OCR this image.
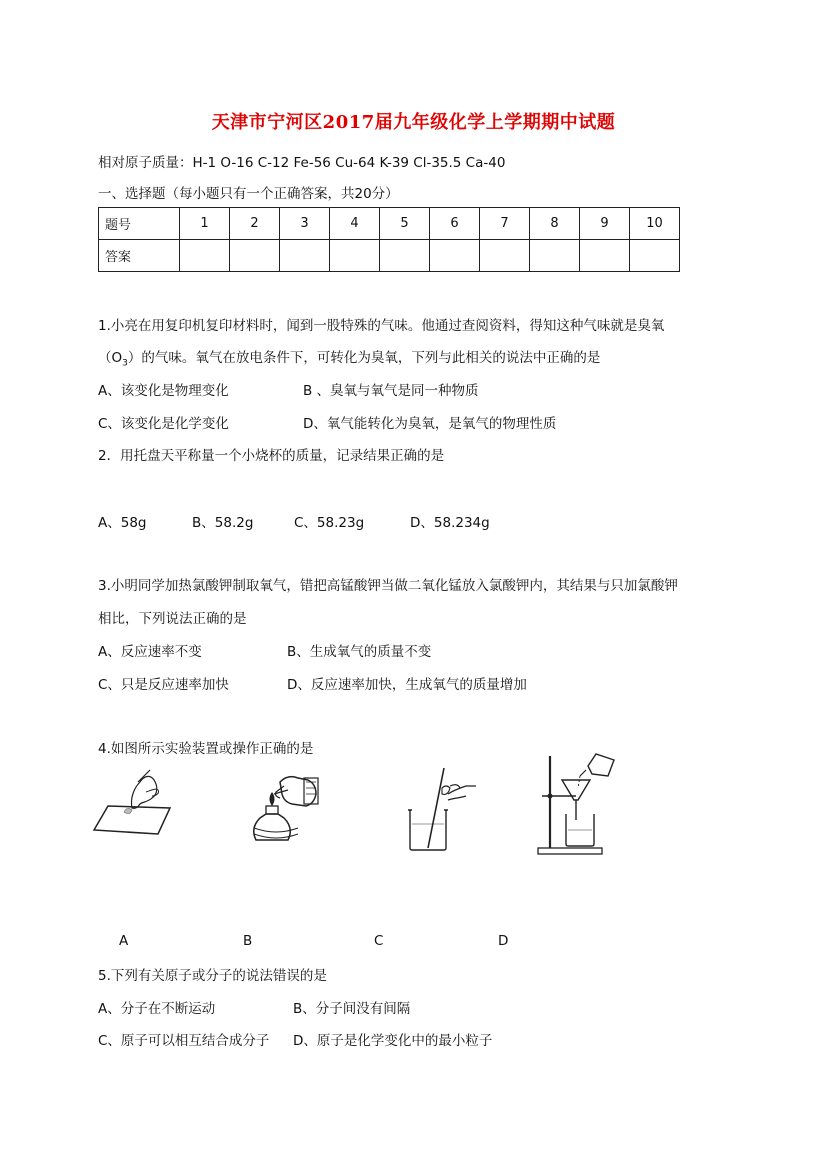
天津市宁河区2017届九年级化学上学期期中试题
相对原子质量：H-1 O-16 C-12 Fe-56 Cu-64 K-39 Cl-35.5 Ca-40
一、选择题（每小题只有一个正确答案，共20分）
题号	1	2	3	4	5	6	7	8	9	10
答案										
1.小亮在用复印机复印材料时，闻到一股特殊的气味。他通过查阅资料，得知这种气味就是臭氧
$(O_3)$的气味。氧气在放电条件下，可转化为臭氧，下列与此相关的说法中正确的是
A、该变化是物理变化	B 、臭氧与氧气是同一种物质
C、该变化是化学变化	D、氧气能转化为臭氧，是氧气的物理性质
2．用托盘天平称量一个小烧杯的质量，记录结果正确的是
A、58g	B、58.2g	C、58.23g	D、58.234g
3.小明同学加热氯酸钾制取氧气，错把高锰酸钾当做二氧化锰放入氯酸钾内，其结果与只加氯酸钾
相比，下列说法正确的是
A、反应速率不变	B、生成氧气的质量不变
C、只是反应速率加快	D、反应速率加快，生成氧气的质量增加
4.如图所示实验装置或操作正确的是
A	B	C	D
5.下列有关原子或分子的说法错误的是
A、分子在不断运动	B、分子间没有间隔
C、原子可以相互结合成分子 D、原子是化学变化中的最小粒子
